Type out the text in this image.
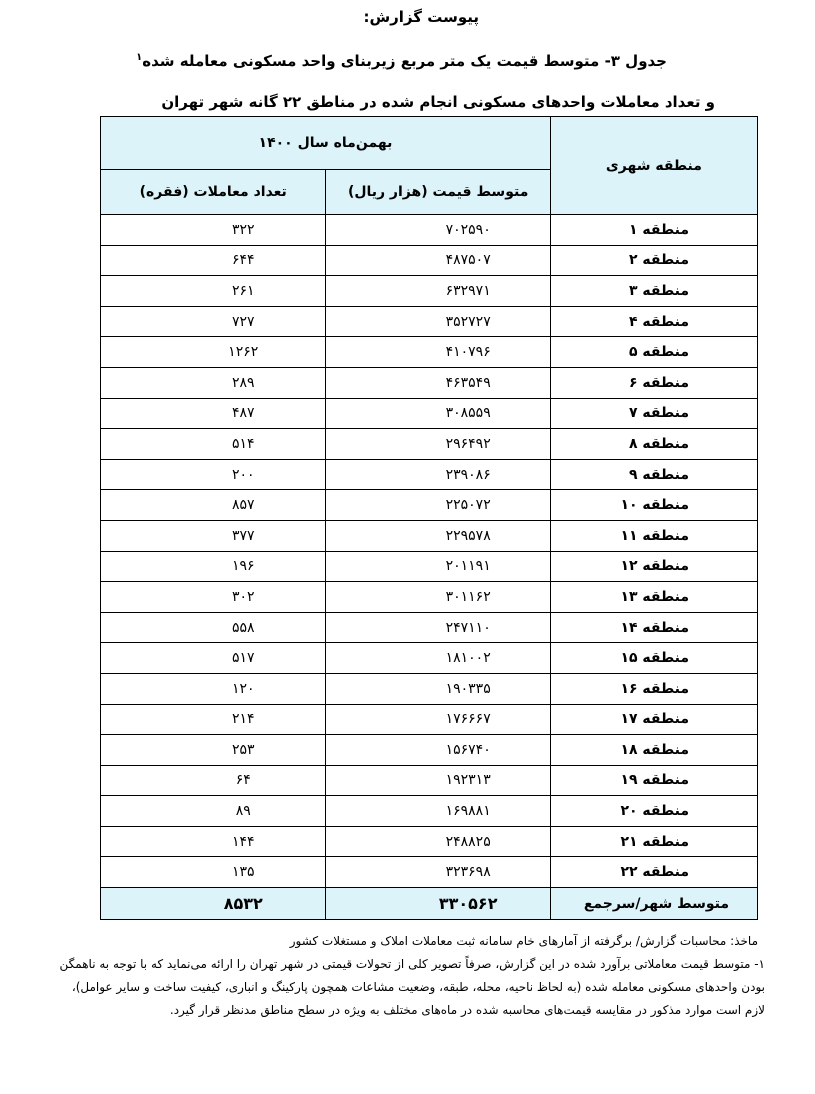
پیوست گزارش:
جدول ۳- متوسط قیمت یک متر مربع زیربنای واحد مسکونی معامله شده$^۱$
و تعداد معاملات واحدهای مسکونی انجام شده در مناطق ۲۲ گانه شهر تهران
منطقه شهری	بهمن‌ماه سال ۱۴۰۰	
	متوسط قیمت (هزار ریال)	تعداد معاملات (فقره)
منطقه ۱	۷۰۲۵۹۰	۳۲۲
منطقه ۲	۴۸۷۵۰۷	۶۴۴
منطقه ۳	۶۳۲۹۷۱	۲۶۱
منطقه ۴	۳۵۲۷۲۷	۷۲۷
منطقه ۵	۴۱۰۷۹۶	۱۲۶۲
منطقه ۶	۴۶۳۵۴۹	۲۸۹
منطقه ۷	۳۰۸۵۵۹	۴۸۷
منطقه ۸	۲۹۶۴۹۲	۵۱۴
منطقه ۹	۲۳۹۰۸۶	۲۰۰
منطقه ۱۰	۲۲۵۰۷۲	۸۵۷
منطقه ۱۱	۲۲۹۵۷۸	۳۷۷
منطقه ۱۲	۲۰۱۱۹۱	۱۹۶
منطقه ۱۳	۳۰۱۱۶۲	۳۰۲
منطقه ۱۴	۲۴۷۱۱۰	۵۵۸
منطقه ۱۵	۱۸۱۰۰۲	۵۱۷
منطقه ۱۶	۱۹۰۳۳۵	۱۲۰
منطقه ۱۷	۱۷۶۶۶۷	۲۱۴
منطقه ۱۸	۱۵۶۷۴۰	۲۵۳
منطقه ۱۹	۱۹۲۳۱۳	۶۴
منطقه ۲۰	۱۶۹۸۸۱	۸۹
منطقه ۲۱	۲۴۸۸۲۵	۱۴۴
منطقه ۲۲	۳۲۳۶۹۸	۱۳۵
متوسط شهر/سرجمع	۳۳۰۵۶۲	۸۵۳۲

ماخذ: محاسبات گزارش/ برگرفته از آمارهای خام سامانه ثبت معاملات املاک و مستغلات کشور

۱- متوسط قیمت معاملاتی برآورد شده در این گزارش، صرفاً تصویر کلی از تحولات قیمتی در شهر تهران را ارائه می‌نماید که با توجه به ناهمگن

بودن واحدهای مسکونی معامله شده (به لحاظ ناحیه، محله، طبقه، وضعیت مشاعات همچون پارکینگ و انباری، کیفیت ساخت و سایر عوامل)،

لازم است موارد مذکور در مقایسه قیمت‌های محاسبه شده در ماه‌های مختلف به ویژه در سطح مناطق مدنظر قرار گیرد.
